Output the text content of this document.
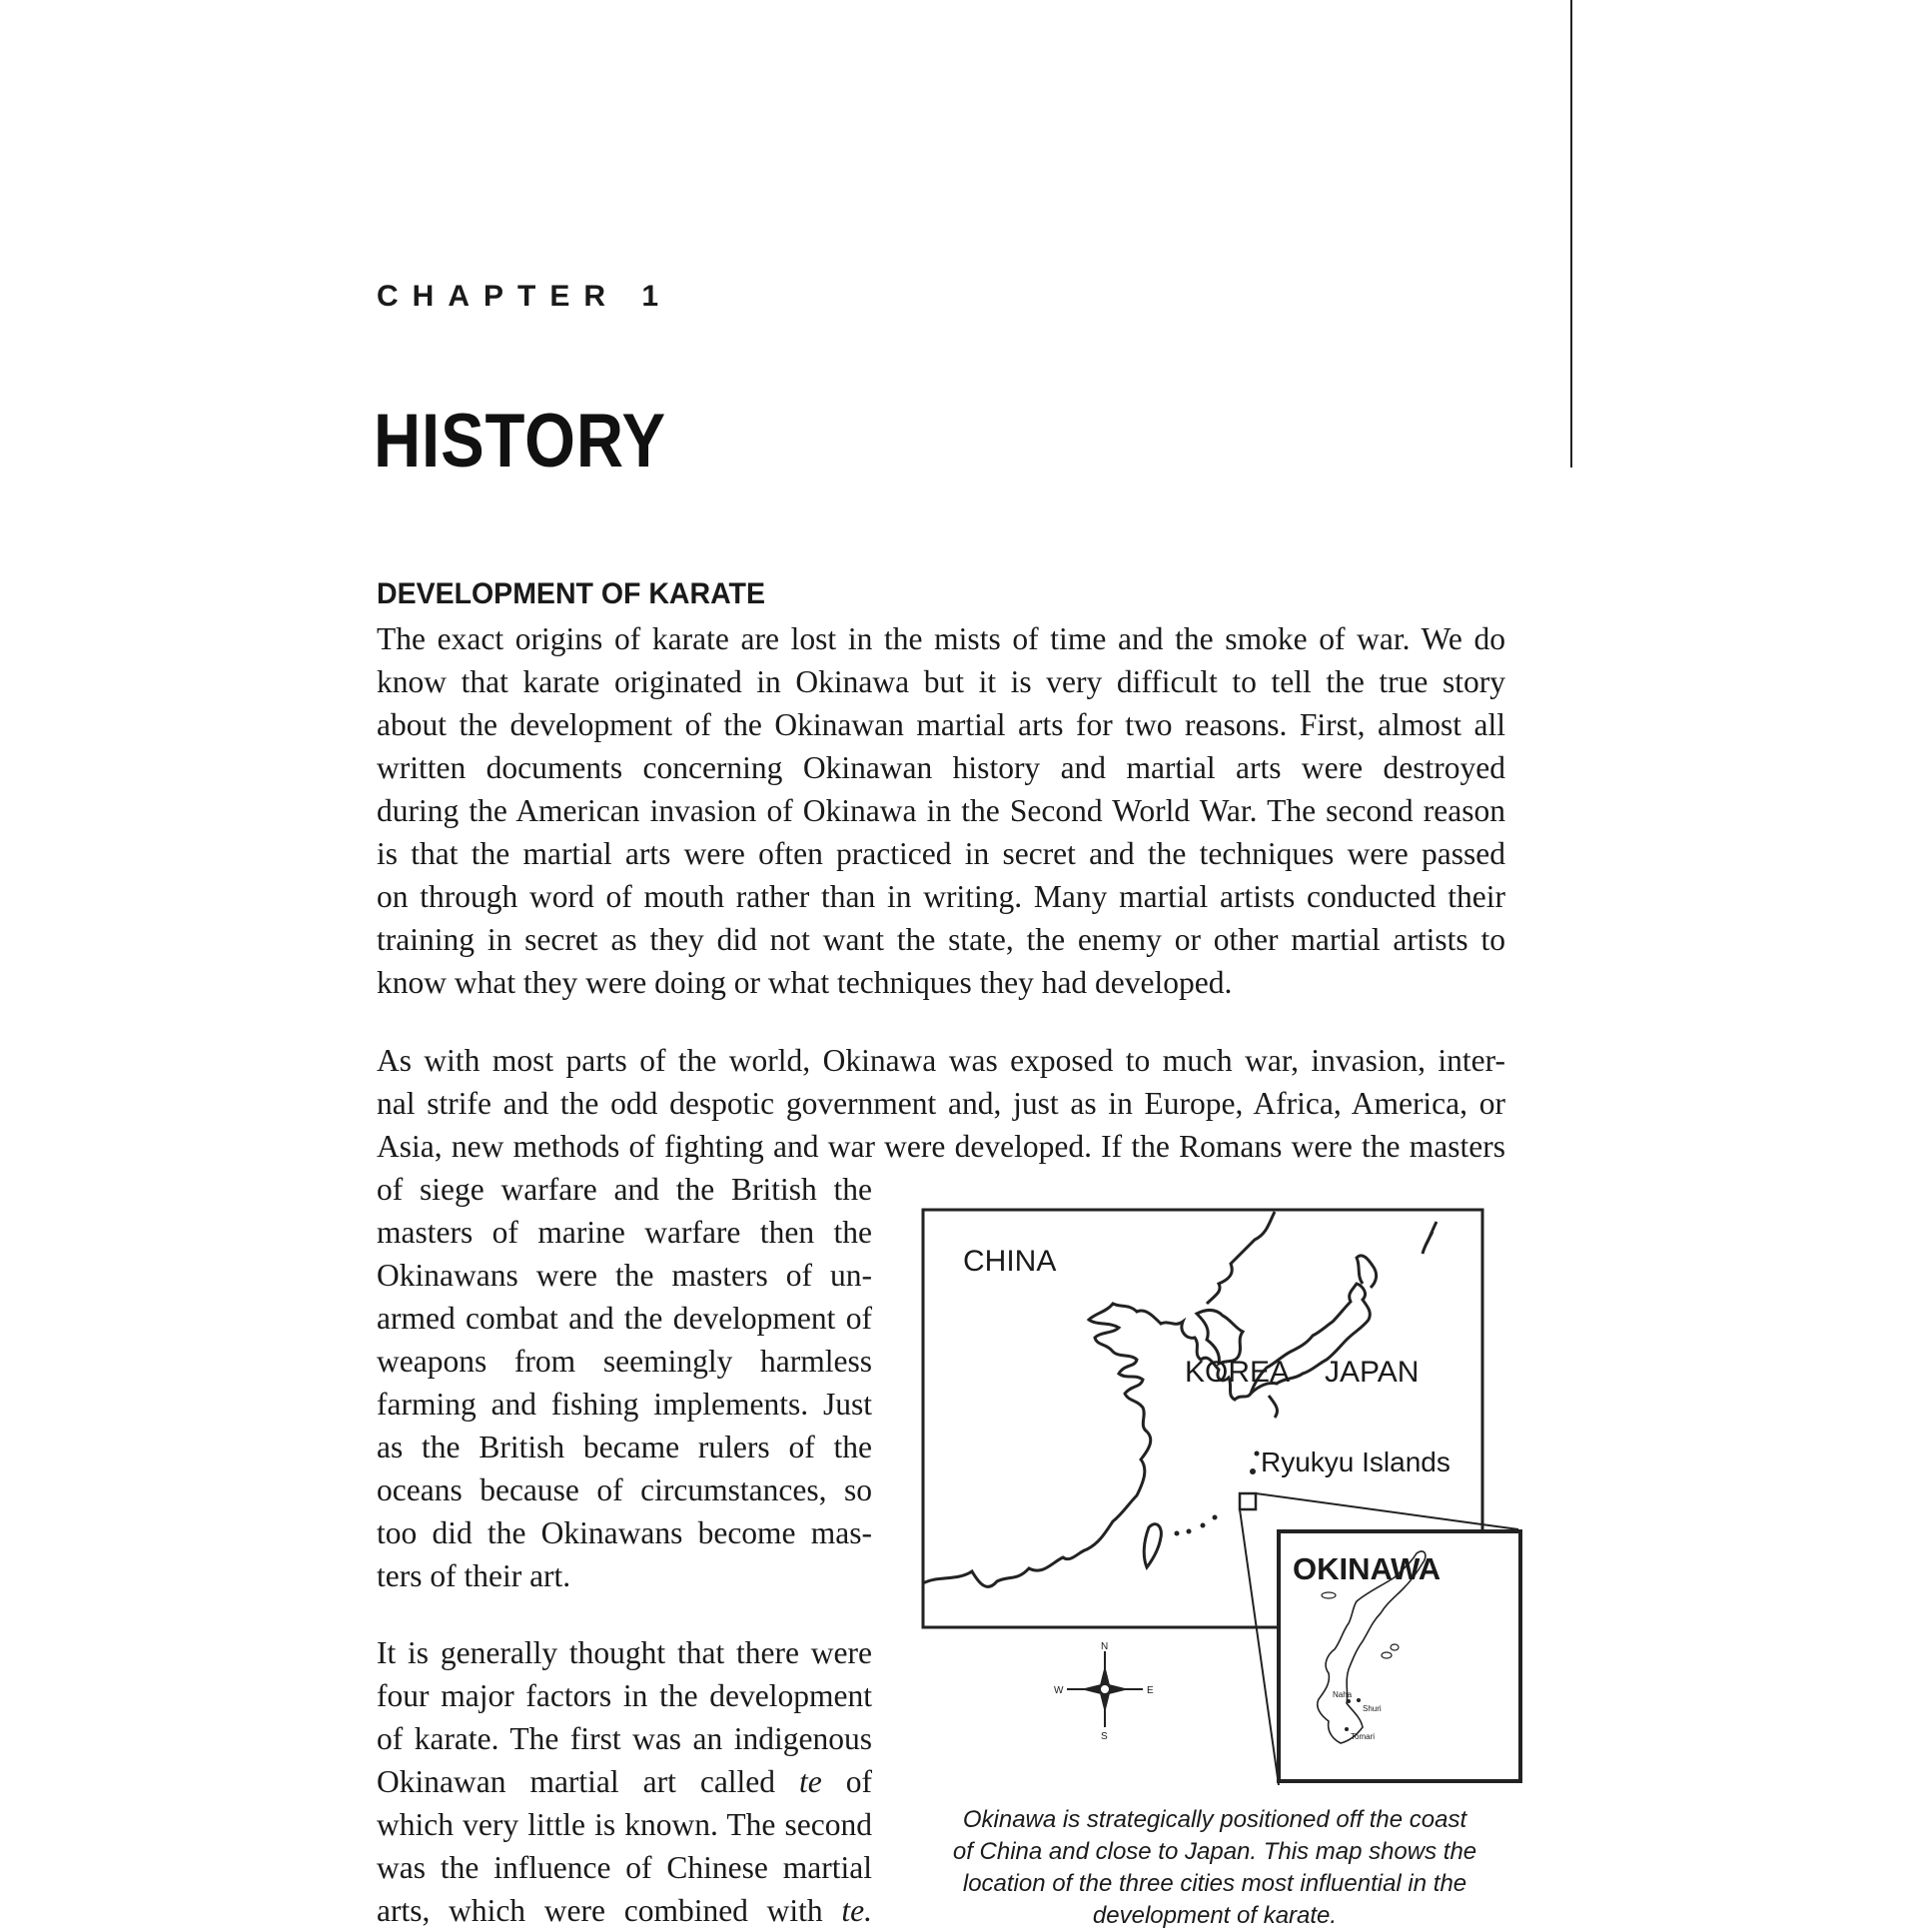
CHAPTER 1
HISTORY
DEVELOPMENT OF KARATE
The exact origins of karate are lost in the mists of time and the smoke of war. We do
know that karate originated in Okinawa but it is very difficult to tell the true story
about the development of the Okinawan martial arts for two reasons. First, almost all
written documents concerning Okinawan history and martial arts were destroyed
during the American invasion of Okinawa in the Second World War. The second reason
is that the martial arts were often practiced in secret and the techniques were passed
on through word of mouth rather than in writing. Many martial artists conducted their
training in secret as they did not want the state, the enemy or other martial artists to
know what they were doing or what techniques they had developed.
As with most parts of the world, Okinawa was exposed to much war, invasion, inter-
nal strife and the odd despotic government and, just as in Europe, Africa, America, or
Asia, new methods of fighting and war were developed. If the Romans were the masters
of siege warfare and the British the
masters of marine warfare then the
Okinawans were the masters of un-
armed combat and the development of
weapons from seemingly harmless
farming and fishing implements. Just
as the British became rulers of the
oceans because of circumstances, so
too did the Okinawans become mas-
ters of their art.
It is generally thought that there were
four major factors in the development
of karate. The first was an indigenous
Okinawan martial art called te of
which very little is known. The second
was the influence of Chinese martial
arts, which were combined with te.
CHINA
KOREA JAPAN
Ryukyu Islands
OKINAWA
Naha
Shuri
Tomari
N
S
E
W
Okinawa is strategically positioned off the coast
of China and close to Japan. This map shows the
location of the three cities most influential in the
development of karate.
